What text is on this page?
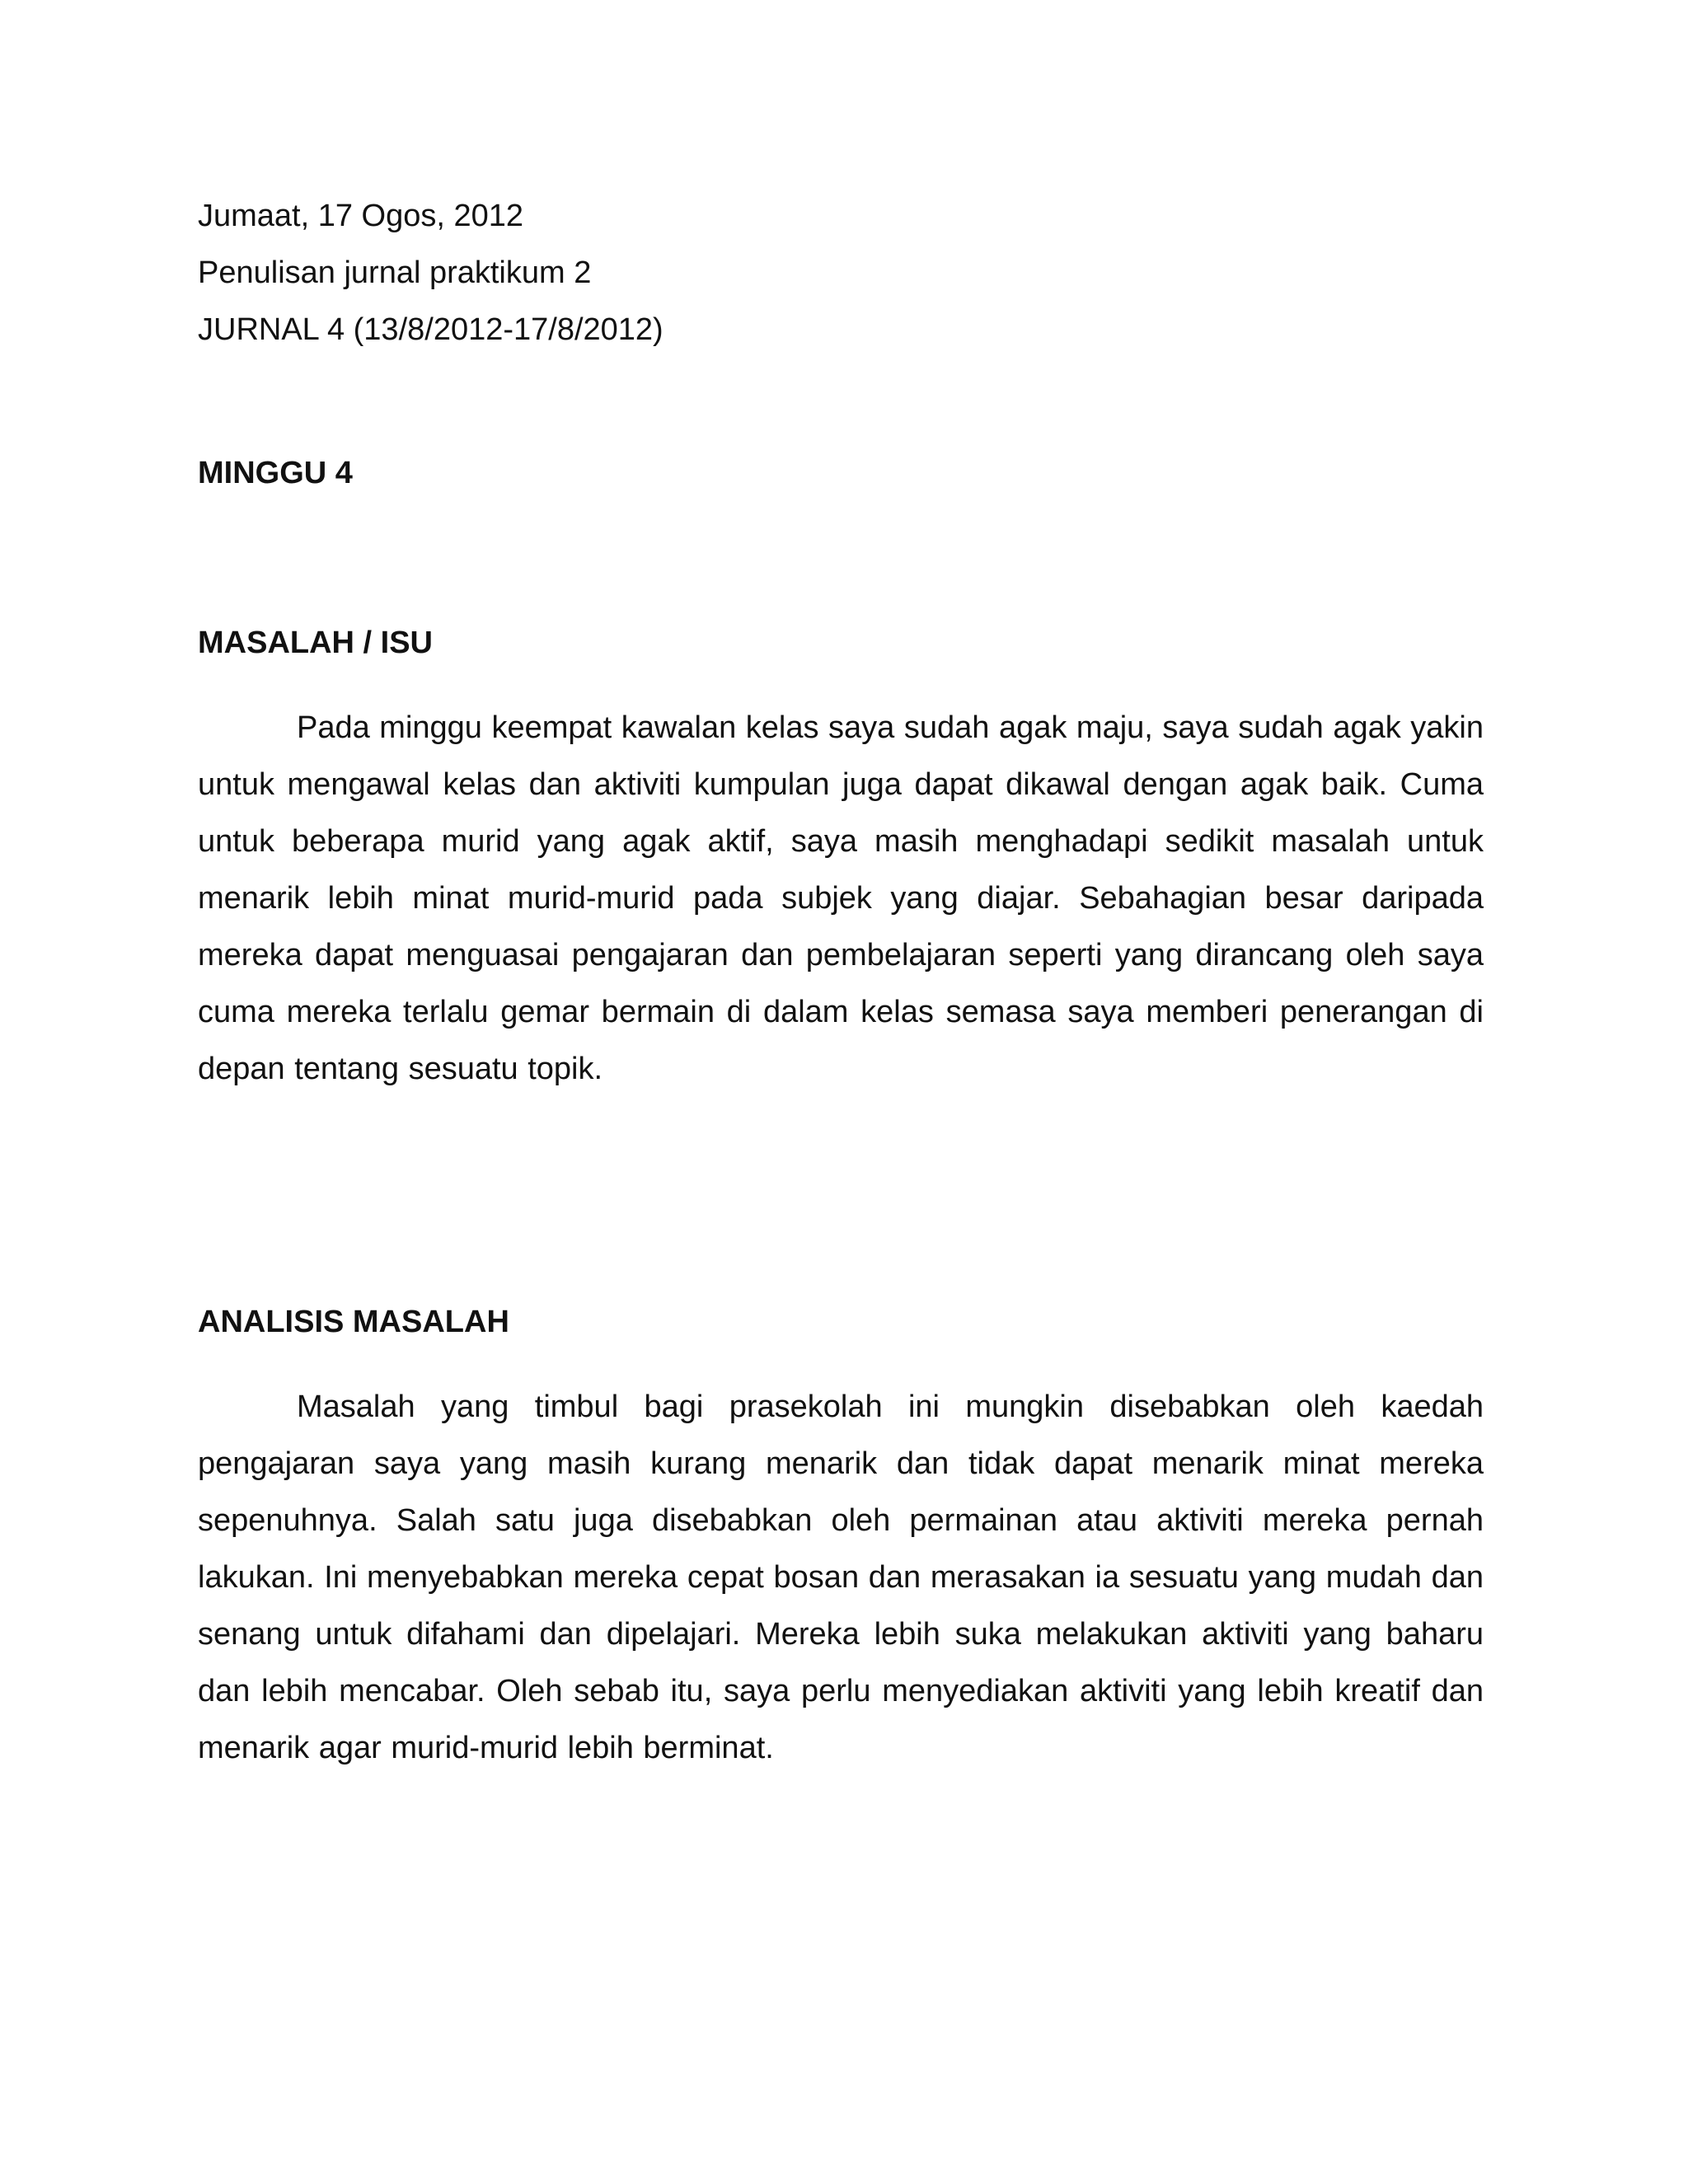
Jumaat, 17 Ogos, 2012

Penulisan jurnal praktikum 2

JURNAL 4 (13/8/2012-17/8/2012)

MINGGU 4

MASALAH / ISU

Pada minggu keempat kawalan kelas saya sudah agak maju, saya sudah agak yakin untuk mengawal kelas dan aktiviti kumpulan juga dapat dikawal dengan agak baik. Cuma untuk beberapa murid yang agak aktif, saya masih menghadapi sedikit masalah untuk menarik lebih minat murid-murid pada subjek yang diajar. Sebahagian besar daripada mereka dapat menguasai pengajaran dan pembelajaran seperti yang dirancang oleh saya cuma mereka terlalu gemar bermain di dalam kelas semasa saya memberi penerangan di depan tentang sesuatu topik.

ANALISIS MASALAH

Masalah yang timbul bagi prasekolah ini mungkin disebabkan oleh kaedah pengajaran saya yang masih kurang menarik dan tidak dapat menarik minat mereka sepenuhnya. Salah satu juga disebabkan oleh permainan atau aktiviti mereka pernah lakukan. Ini menyebabkan mereka cepat bosan dan merasakan ia sesuatu yang mudah dan senang untuk difahami dan dipelajari. Mereka lebih suka melakukan aktiviti yang baharu dan lebih mencabar. Oleh sebab itu, saya perlu menyediakan aktiviti yang lebih kreatif dan menarik agar murid-murid lebih berminat.
